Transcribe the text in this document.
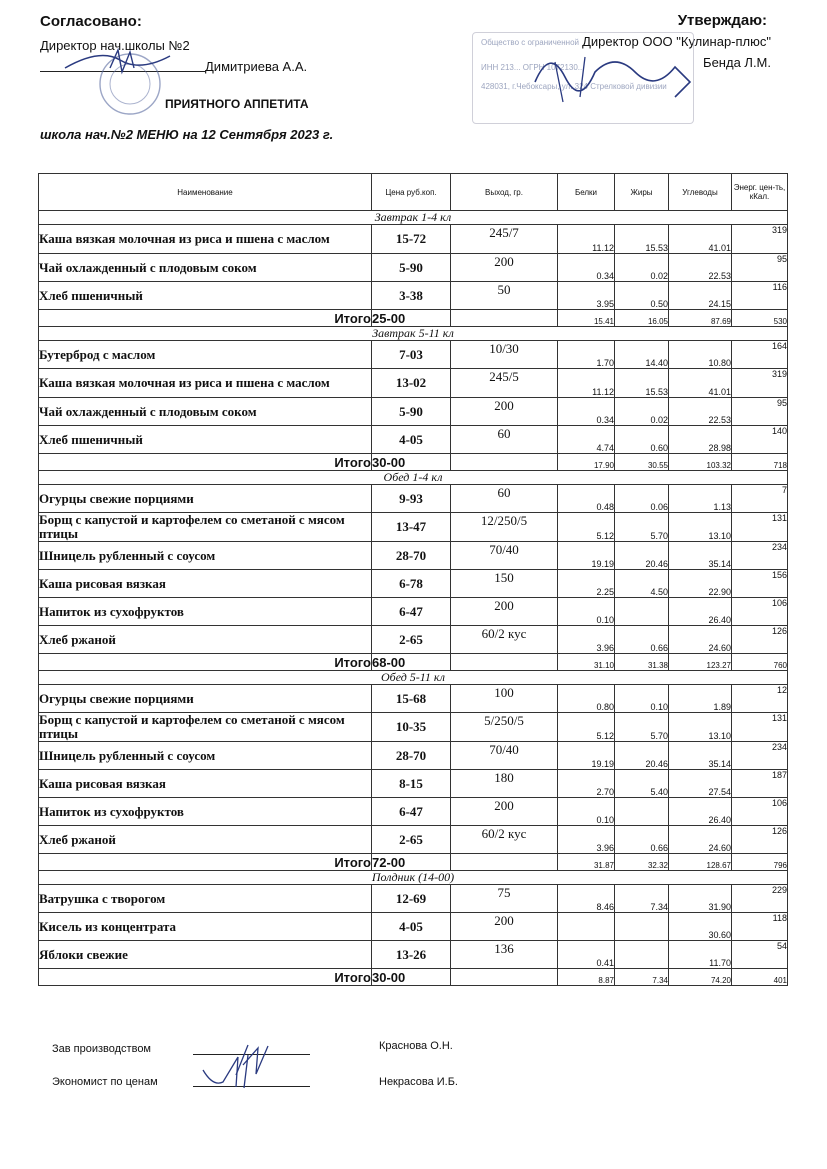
Согласовано:
Директор нач.школы №2
Димитриева А.А.
Утверждаю:
Директор ООО "Кулинар-плюс"
Бенда Л.М.
Общество с ограниченной
ИНН 213... ОГРН 1072130...
428031, г.Чебоксары, ул. 324 Стрелковой дивизии
ПРИЯТНОГО АППЕТИТА
школа нач.№2 МЕНЮ на 12 Сентября 2023 г.
Наименование	Цена руб.коп.	Выход, гр.	Белки	Жиры	Углеводы	Энерг. цен-ть, кКал.
Завтрак 1-4 кл						
Каша вязкая молочная из риса и пшена с маслом	15-72	245/7	11.12	15.53	41.01	319
Чай охлажденный с плодовым соком	5-90	200	0.34	0.02	22.53	95
Хлеб пшеничный	3-38	50	3.95	0.50	24.15	116
Итого	25-00		15.41	16.05	87.69	530
Завтрак 5-11 кл						
Бутерброд с маслом	7-03	10/30	1.70	14.40	10.80	164
Каша вязкая молочная из риса и пшена с маслом	13-02	245/5	11.12	15.53	41.01	319
Чай охлажденный с плодовым соком	5-90	200	0.34	0.02	22.53	95
Хлеб пшеничный	4-05	60	4.74	0.60	28.98	140
Итого	30-00		17.90	30.55	103.32	718
Обед 1-4 кл						
Огурцы свежие порциями	9-93	60	0.48	0.06	1.13	7
Борщ с капустой и картофелем со сметаной с мясом птицы	13-47	12/250/5	5.12	5.70	13.10	131
Шницель рубленный с соусом	28-70	70/40	19.19	20.46	35.14	234
Каша рисовая вязкая	6-78	150	2.25	4.50	22.90	156
Напиток из сухофруктов	6-47	200	0.10		26.40	106
Хлеб ржаной	2-65	60/2 кус	3.96	0.66	24.60	126
Итого	68-00		31.10	31.38	123.27	760
Обед 5-11 кл						
Огурцы свежие порциями	15-68	100	0.80	0.10	1.89	12
Борщ с капустой и картофелем со сметаной с мясом птицы	10-35	5/250/5	5.12	5.70	13.10	131
Шницель рубленный с соусом	28-70	70/40	19.19	20.46	35.14	234
Каша рисовая вязкая	8-15	180	2.70	5.40	27.54	187
Напиток из сухофруктов	6-47	200	0.10		26.40	106
Хлеб ржаной	2-65	60/2 кус	3.96	0.66	24.60	126
Итого	72-00		31.87	32.32	128.67	796
Полдник (14-00)						
Ватрушка с творогом	12-69	75	8.46	7.34	31.90	229
Кисель из концентрата	4-05	200			30.60	118
Яблоки свежие	13-26	136	0.41		11.70	54
Итого	30-00		8.87	7.34	74.20	401
Зав производством	Краснова О.Н.
Экономист по ценам	Некрасова И.Б.
